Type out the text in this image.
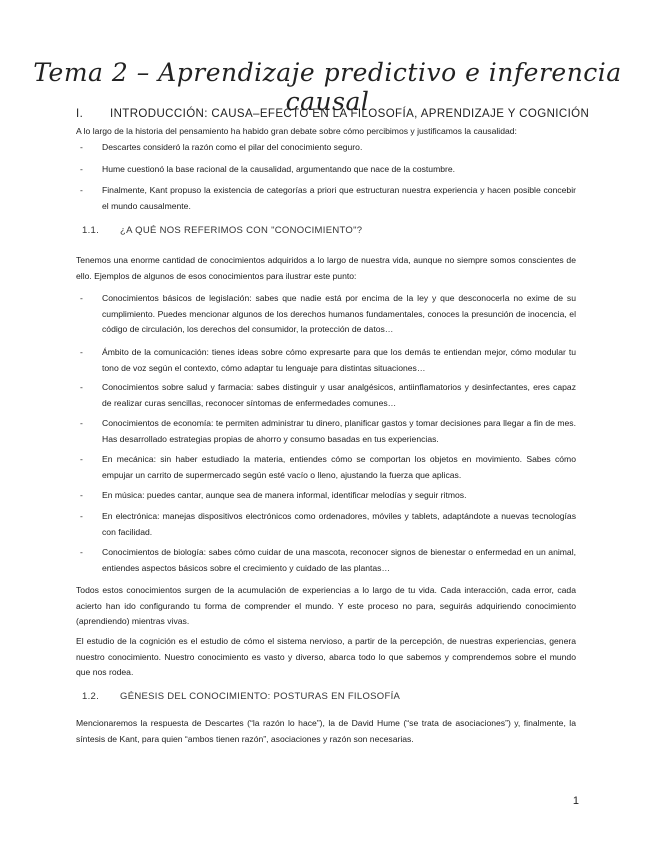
Tema 2 – Aprendizaje predictivo e inferencia causal
I. INTRODUCCIÓN: CAUSA–EFECTO EN LA FILOSOFÍA, APRENDIZAJE Y COGNICIÓN
A lo largo de la historia del pensamiento ha habido gran debate sobre cómo percibimos y justificamos la causalidad:
- Descartes consideró la razón como el pilar del conocimiento seguro.
- Hume cuestionó la base racional de la causalidad, argumentando que nace de la costumbre.
- Finalmente, Kant propuso la existencia de categorías a priori que estructuran nuestra experiencia y hacen posible concebir el mundo causalmente.
1.1. ¿A QUÉ NOS REFERIMOS CON "CONOCIMIENTO"?
Tenemos una enorme cantidad de conocimientos adquiridos a lo largo de nuestra vida, aunque no siempre somos conscientes de ello. Ejemplos de algunos de esos conocimientos para ilustrar este punto:
- Conocimientos básicos de legislación: sabes que nadie está por encima de la ley y que desconocerla no exime de su cumplimiento. Puedes mencionar algunos de los derechos humanos fundamentales, conoces la presunción de inocencia, el código de circulación, los derechos del consumidor, la protección de datos…
- Ámbito de la comunicación: tienes ideas sobre cómo expresarte para que los demás te entiendan mejor, cómo modular tu tono de voz según el contexto, cómo adaptar tu lenguaje para distintas situaciones…
- Conocimientos sobre salud y farmacia: sabes distinguir y usar analgésicos, antiinflamatorios y desinfectantes, eres capaz de realizar curas sencillas, reconocer síntomas de enfermedades comunes…
- Conocimientos de economía: te permiten administrar tu dinero, planificar gastos y tomar decisiones para llegar a fin de mes. Has desarrollado estrategias propias de ahorro y consumo basadas en tus experiencias.
- En mecánica: sin haber estudiado la materia, entiendes cómo se comportan los objetos en movimiento. Sabes cómo empujar un carrito de supermercado según esté vacío o lleno, ajustando la fuerza que aplicas.
- En música: puedes cantar, aunque sea de manera informal, identificar melodías y seguir ritmos.
- En electrónica: manejas dispositivos electrónicos como ordenadores, móviles y tablets, adaptándote a nuevas tecnologías con facilidad.
- Conocimientos de biología: sabes cómo cuidar de una mascota, reconocer signos de bienestar o enfermedad en un animal, entiendes aspectos básicos sobre el crecimiento y cuidado de las plantas…
Todos estos conocimientos surgen de la acumulación de experiencias a lo largo de tu vida. Cada interacción, cada error, cada acierto han ido configurando tu forma de comprender el mundo. Y este proceso no para, seguirás adquiriendo conocimiento (aprendiendo) mientras vivas.
El estudio de la cognición es el estudio de cómo el sistema nervioso, a partir de la percepción, de nuestras experiencias, genera nuestro conocimiento. Nuestro conocimiento es vasto y diverso, abarca todo lo que sabemos y comprendemos sobre el mundo que nos rodea.
1.2. GÉNESIS DEL CONOCIMIENTO: POSTURAS EN FILOSOFÍA
Mencionaremos la respuesta de Descartes (“la razón lo hace”), la de David Hume (“se trata de asociaciones”) y, finalmente, la síntesis de Kant, para quien “ambos tienen razón”, asociaciones y razón son necesarias.
1
